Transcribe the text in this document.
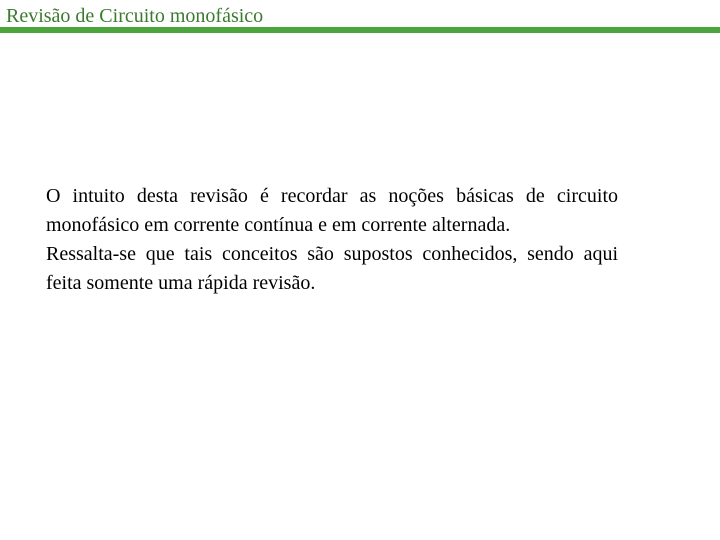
Revisão de Circuito monofásico

O intuito desta revisão é recordar as noções básicas de circuito monofásico em corrente contínua e em corrente alternada.

Ressalta-se que tais conceitos são supostos conhecidos, sendo aqui feita somente uma rápida revisão.
